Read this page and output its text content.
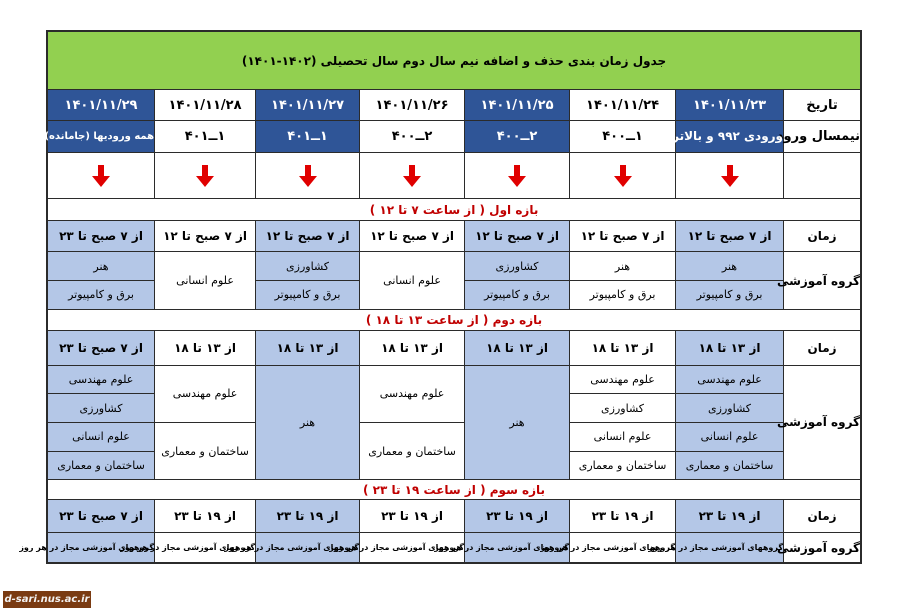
جدول زمان بندی حذف و اضافه نیم سال دوم سال تحصیلی (۱۴۰۲-۱۴۰۱)							
تاریخ	۱۴۰۱/۱۱/۲۳	۱۴۰۱/۱۱/۲۴	۱۴۰۱/۱۱/۲۵	۱۴۰۱/۱۱/۲۶	۱۴۰۱/۱۱/۲۷	۱۴۰۱/۱۱/۲۸	۱۴۰۱/۱۱/۲۹
نیمسال ورود	ورودی ۹۹۲ و بالاتر	۱ــ۴۰۰	۲ــ۴۰۰	۲ــ۴۰۰	۱ــ۴۰۱	۱ــ۴۰۱	همه ورودیها (جامانده)

بازه اول ( از ساعت ۷ تا ۱۲ )							
زمان	از ۷ صبح تا ۱۲	از ۷ صبح تا ۱۲	از ۷ صبح تا ۱۲	از ۷ صبح تا ۱۲	از ۷ صبح تا ۱۲	از ۷ صبح تا ۱۲	از ۷ صبح تا ۲۳
گروه آموزشی	هنر	هنر	کشاورزی	علوم انسانی	کشاورزی	علوم انسانی	هنر
	برق و کامپیوتر	برق و کامپیوتر	برق و کامپیوتر		برق و کامپیوتر		برق و کامپیوتر
بازه دوم ( از ساعت ۱۳ تا ۱۸ )							
زمان	از ۱۳ تا ۱۸	از ۱۳ تا ۱۸	از ۱۳ تا ۱۸	از ۱۳ تا ۱۸	از ۱۳ تا ۱۸	از ۱۳ تا ۱۸	از ۷ صبح تا ۲۳
گروه آموزشی	علوم مهندسی	علوم مهندسی	هنر	علوم مهندسی	هنر	علوم مهندسی	علوم مهندسی
	کشاورزی	کشاورزی					کشاورزی
	علوم انسانی	علوم انسانی		ساختمان و معماری		ساختمان و معماری	علوم انسانی
	ساختمان و معماری	ساختمان و معماری					ساختمان و معماری
بازه سوم ( از ساعت ۱۹ تا ۲۳ )							
زمان	از ۱۹ تا ۲۳	از ۱۹ تا ۲۳	از ۱۹ تا ۲۳	از ۱۹ تا ۲۳	از ۱۹ تا ۲۳	از ۱۹ تا ۲۳	از ۷ صبح تا ۲۳
گروه آموزشی	گروههای آموزشی مجاز در هر روز	گروههای آموزشی مجاز در هر روز	گروههای آموزشی مجاز در هر روز	گروههای آموزشی مجاز در هر روز	گروههای آموزشی مجاز در هر روز	گروههای آموزشی مجاز در هر روز	گروههای آموزشی مجاز در هر روز
d-sari.nus.ac.ir
